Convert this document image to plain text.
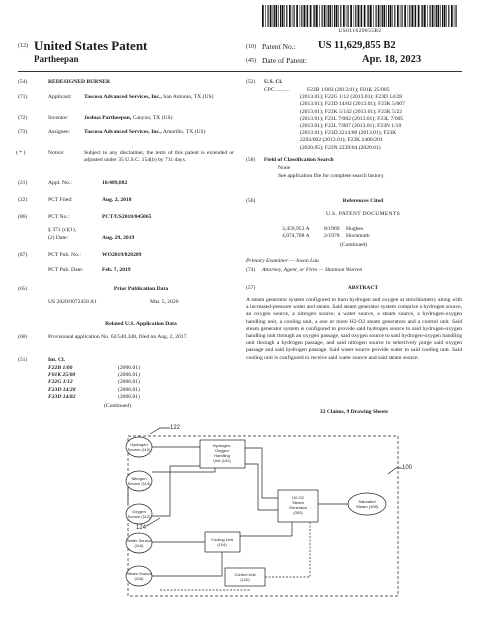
US011629855B2
(12) United States Patent
Partheepan
(10) Patent No.: US 11,629,855 B2
(45) Date of Patent:	Apr. 18, 2023
(54)	REDESIGNED BURNER
(71)	Applicant: Tascosa Advanced Services, Inc., San Antonio, TX (US)
(72)	Inventor:	Joshua Partheepan, Canyon, TX (US)
(73)	Assignee: Tascosa Advanced Services, Inc., Amarillo, TX (US)
( * )	Notice:	Subject to any disclaimer, the term of this patent is extended or adjusted under 35 U.S.C. 154(b) by 711 days.
(21)	Appl. No.:	16/489,882
(22)	PCT Filed:	Aug. 2, 2018
(86)	PCT No.:	PCT/US2018/045065
§ 371 (c)(1),
(2) Date:	Aug. 29, 2019
(87)	PCT Pub. No.:	WO2019/028289
PCT Pub. Date:	Feb. 7, 2019
(65)	Prior Publication Data
US 2020/0072458 A1	Mar. 5, 2020
Related U.S. Application Data
(60)	Provisional application No. 62/540,348, filed on Aug. 2, 2017.
(51)	Int. Cl.
F22B 1/00	(2006.01)
F01K 25/00	(2006.01)
F22G 1/12	(2006.01)
F23D 14/28	(2006.01)
F23D 14/82	(2006.01)
(Continued)
(52) U.S. Cl.
CPC ..........	F22B 1/003 (2013.01); F01K 25/005
(2013.01); F22G 1/12 (2013.01); F23D 14/28
(2013.01); F23D 14/82 (2013.01); F23K 5/007
(2013.01); F23K 5/142 (2013.01); F23K 5/22
(2013.01); F23L 7/002 (2013.01); F23L 7/005
(2013.01); F23L 7/007 (2013.01); F23N 1/10
(2013.01); F23D 2214/00 (2013.01); F23K
2203/002 (2013.01); F23K 2400/201
(2020.05); F23N 2239/04 (2020.01)
(58) Field of Classification Search
None
See application file for complete search history.
(56)	References Cited
U.S. PATENT DOCUMENTS
3,459,953 A	8/1969	Hughes
4,074,708 A	2/1978	Hochmuth
(Continued)
Primary Examiner — Jason Lau
(74) Attorney, Agent, or Firm — Shannon Warren
(57)	ABSTRACT
A steam generator system configured to burn hydrogen and oxygen at stoichiometry along with a increased-pressure water and steam. Said steam generator system comprise a hydrogen source, an oxygen source, a nitrogen source, a water source, a steam source, a hydrogen-oxygen handling unit, a cooling unit, a one or more H2-O2 steam generators and a control unit. Said steam generator system is configured to provide said hydrogen source to said hydrogen-oxygen handling unit through an oxygen passage, said oxygen source to said hydrogen-oxygen handling unit through a hydrogen passage, and said nitrogen source to selectively purge said oxygen passage and said hydrogen passage. Said water source provide water to said cooling unit. Said cooling unit is configured to receive said water source and said steam source.
32 Claims, 9 Drawing Sheets
122
100
124
Hydrogen
Source (110)
Nitrogen
Source (114)
Oxygen
Source (112)
Water Source
(116)
Steam Source
(118)
Hydrogen-
Oxygen
Handling
Unit (102)
H2-O2
Steam
Generator
(300)
Saturated
Steam (108)
Cooling Unit
(104)
Control Unit
(120)
